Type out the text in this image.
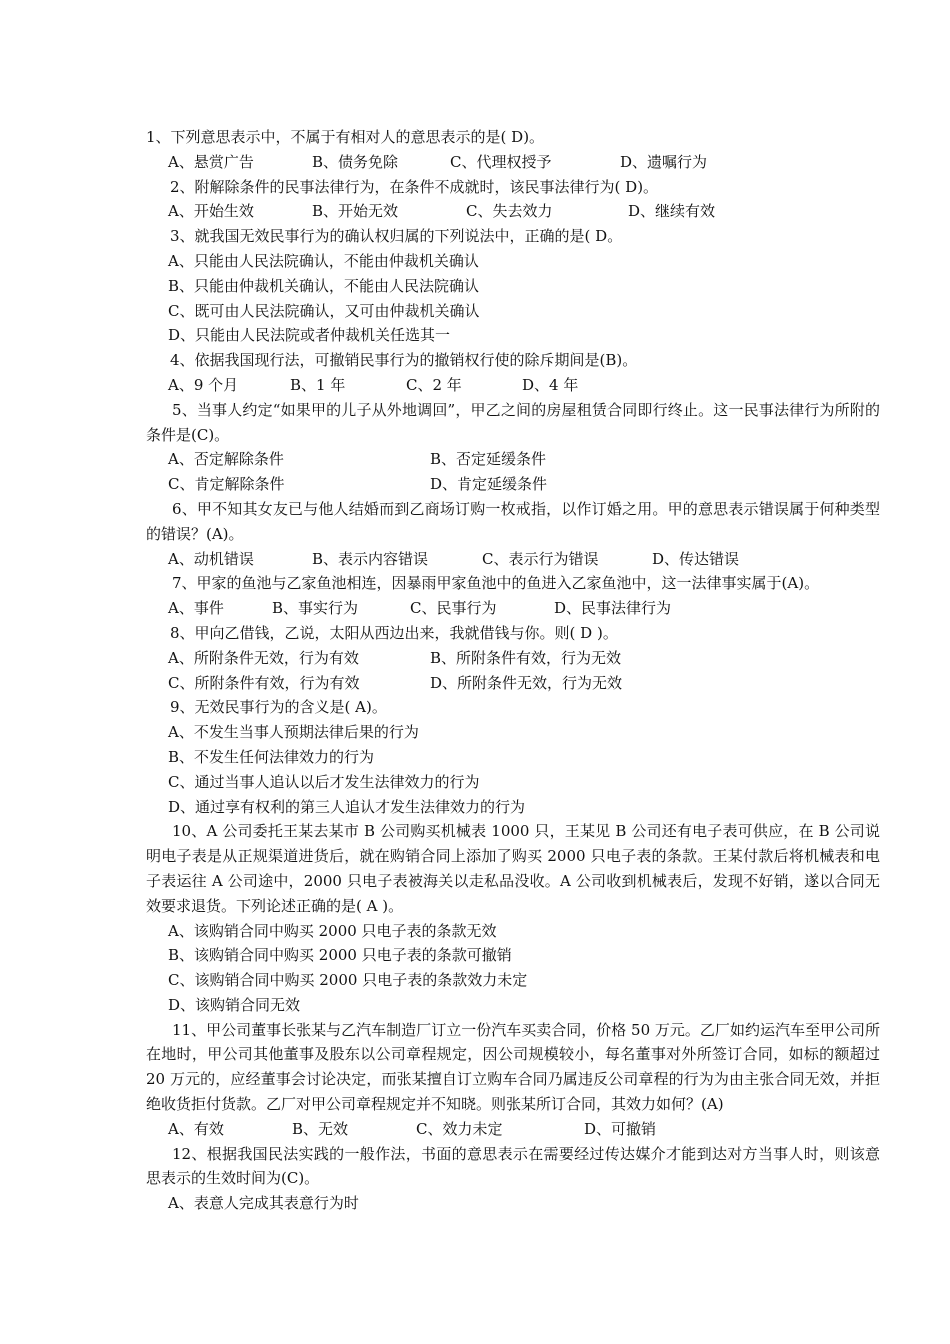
1、下列意思表示中，不属于有相对人的意思表示的是( D)。
A、悬赏广告	B、债务免除	C、代理权授予	D、遗嘱行为
2、附解除条件的民事法律行为，在条件不成就时，该民事法律行为( D)。
A、开始生效	B、开始无效	C、失去效力	D、继续有效
3、就我国无效民事行为的确认权归属的下列说法中，正确的是( D。
A、只能由人民法院确认，不能由仲裁机关确认
B、只能由仲裁机关确认，不能由人民法院确认
C、既可由人民法院确认，又可由仲裁机关确认
D、只能由人民法院或者仲裁机关任选其一
4、依据我国现行法，可撤销民事行为的撤销权行使的除斥期间是(B)。
A、9 个月	B、1 年	C、2 年	D、4 年
5、当事人约定“如果甲的儿子从外地调回”，甲乙之间的房屋租赁合同即行终止。这一民事法律行为所附的条件是(C)。
A、否定解除条件	B、否定延缓条件
C、肯定解除条件	D、肯定延缓条件
6、甲不知其女友已与他人结婚而到乙商场订购一枚戒指，以作订婚之用。甲的意思表示错误属于何种类型的错误？(A)。
A、动机错误	B、表示内容错误	C、表示行为错误	D、传达错误
7、甲家的鱼池与乙家鱼池相连，因暴雨甲家鱼池中的鱼进入乙家鱼池中，这一法律事实属于(A)。
A、事件	B、事实行为	C、民事行为	D、民事法律行为
8、甲向乙借钱，乙说，太阳从西边出来，我就借钱与你。则( D )。
A、所附条件无效，行为有效	B、所附条件有效，行为无效
C、所附条件有效，行为有效	D、所附条件无效，行为无效
9、无效民事行为的含义是( A)。
A、不发生当事人预期法律后果的行为
B、不发生任何法律效力的行为
C、通过当事人追认以后才发生法律效力的行为
D、通过享有权利的第三人追认才发生法律效力的行为
10、A 公司委托王某去某市 B 公司购买机械表 1000 只，王某见 B 公司还有电子表可供应，在 B 公司说明电子表是从正规渠道进货后，就在购销合同上添加了购买 2000 只电子表的条款。王某付款后将机械表和电子表运往 A 公司途中，2000 只电子表被海关以走私品没收。A 公司收到机械表后，发现不好销，遂以合同无效要求退货。下列论述正确的是( A )。
A、该购销合同中购买 2000 只电子表的条款无效
B、该购销合同中购买 2000 只电子表的条款可撤销
C、该购销合同中购买 2000 只电子表的条款效力未定
D、该购销合同无效
11、甲公司董事长张某与乙汽车制造厂订立一份汽车买卖合同，价格 50 万元。乙厂如约运汽车至甲公司所在地时，甲公司其他董事及股东以公司章程规定，因公司规模较小，每名董事对外所签订合同，如标的额超过 20 万元的，应经董事会讨论决定，而张某擅自订立购车合同乃属违反公司章程的行为为由主张合同无效，并拒绝收货拒付货款。乙厂对甲公司章程规定并不知晓。则张某所订合同，其效力如何？(A)
A、有效	B、无效	C、效力未定	D、可撤销
12、根据我国民法实践的一般作法，书面的意思表示在需要经过传达媒介才能到达对方当事人时，则该意思表示的生效时间为(C)。
A、表意人完成其表意行为时
